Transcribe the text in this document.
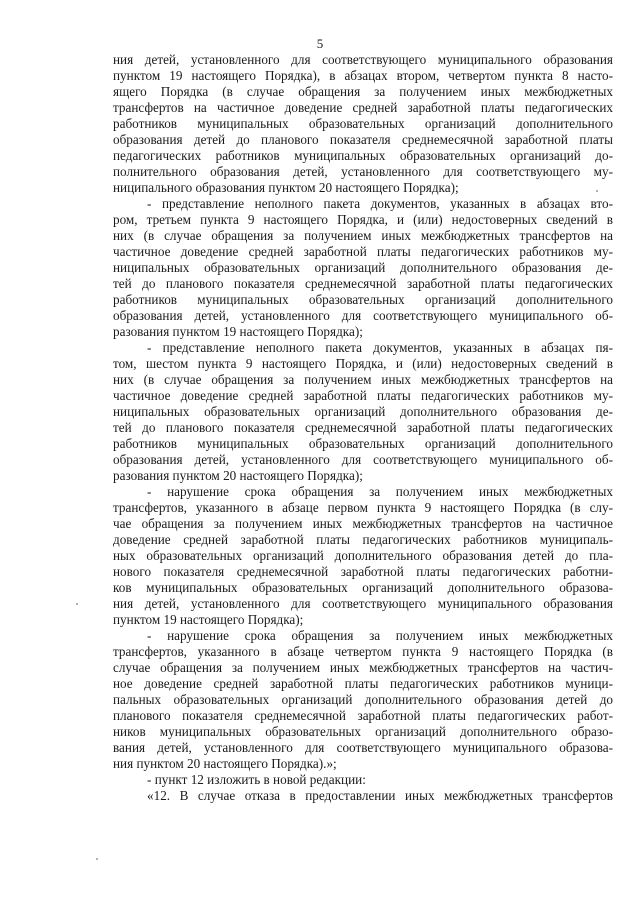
5
ния детей, установленного для соответствующего муниципального образования
пунктом 19 настоящего Порядка), в абзацах втором, четвертом пункта 8 насто-
ящего Порядка (в случае обращения за получением иных межбюджетных
трансфертов на частичное доведение средней заработной платы педагогических
работников муниципальных образовательных организаций дополнительного
образования детей до планового показателя среднемесячной заработной платы
педагогических работников муниципальных образовательных организаций до-
полнительного образования детей, установленного для соответствующего му-
ниципального образования пунктом 20 настоящего Порядка);
- представление неполного пакета документов, указанных в абзацах вто-
ром, третьем пункта 9 настоящего Порядка, и (или) недостоверных сведений в
них (в случае обращения за получением иных межбюджетных трансфертов на
частичное доведение средней заработной платы педагогических работников му-
ниципальных образовательных организаций дополнительного образования де-
тей до планового показателя среднемесячной заработной платы педагогических
работников муниципальных образовательных организаций дополнительного
образования детей, установленного для соответствующего муниципального об-
разования пунктом 19 настоящего Порядка);
- представление неполного пакета документов, указанных в абзацах пя-
том, шестом пункта 9 настоящего Порядка, и (или) недостоверных сведений в
них (в случае обращения за получением иных межбюджетных трансфертов на
частичное доведение средней заработной платы педагогических работников му-
ниципальных образовательных организаций дополнительного образования де-
тей до планового показателя среднемесячной заработной платы педагогических
работников муниципальных образовательных организаций дополнительного
образования детей, установленного для соответствующего муниципального об-
разования пунктом 20 настоящего Порядка);
- нарушение срока обращения за получением иных межбюджетных
трансфертов, указанного в абзаце первом пункта 9 настоящего Порядка (в слу-
чае обращения за получением иных межбюджетных трансфертов на частичное
доведение средней заработной платы педагогических работников муниципаль-
ных образовательных организаций дополнительного образования детей до пла-
нового показателя среднемесячной заработной платы педагогических работни-
ков муниципальных образовательных организаций дополнительного образова-
ния детей, установленного для соответствующего муниципального образования
пунктом 19 настоящего Порядка);
- нарушение срока обращения за получением иных межбюджетных
трансфертов, указанного в абзаце четвертом пункта 9 настоящего Порядка (в
случае обращения за получением иных межбюджетных трансфертов на частич-
ное доведение средней заработной платы педагогических работников муници-
пальных образовательных организаций дополнительного образования детей до
планового показателя среднемесячной заработной платы педагогических работ-
ников муниципальных образовательных организаций дополнительного образо-
вания детей, установленного для соответствующего муниципального образова-
ния пунктом 20 настоящего Порядка).»;
- пункт 12 изложить в новой редакции:
«12. В случае отказа в предоставлении иных межбюджетных трансфертов
